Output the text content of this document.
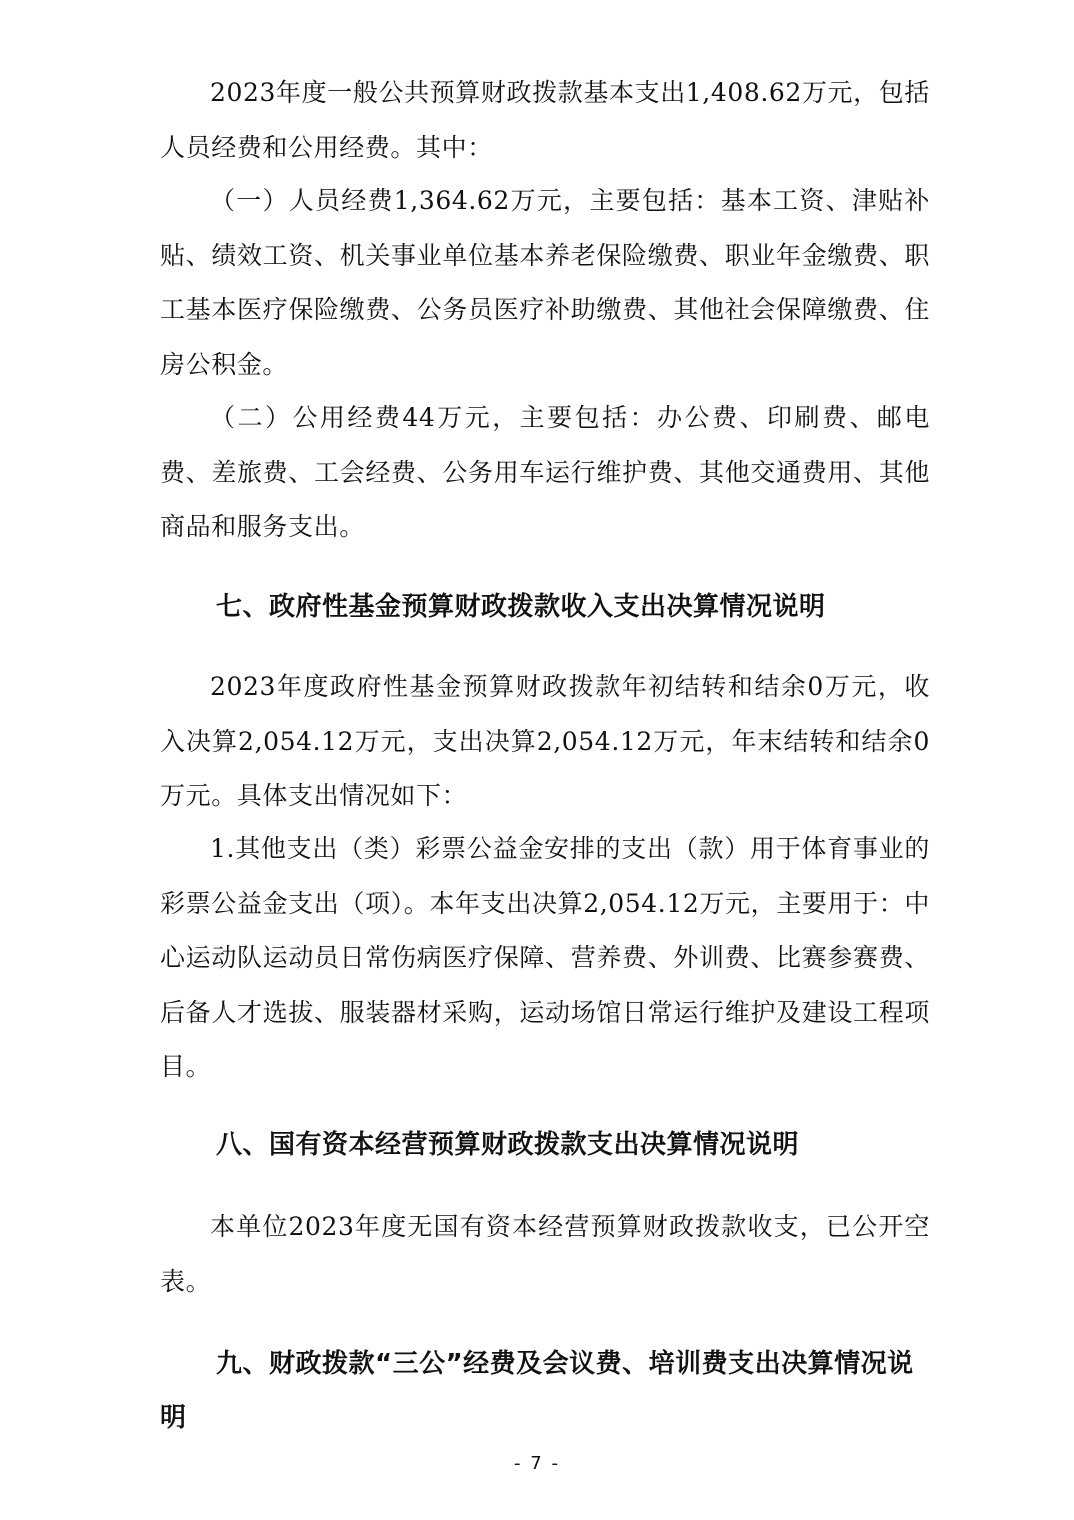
2023年度一般公共预算财政拨款基本支出1,408.62万元，包括人员经费和公用经费。其中：

（一）人员经费1,364.62万元，主要包括：基本工资、津贴补贴、绩效工资、机关事业单位基本养老保险缴费、职业年金缴费、职工基本医疗保险缴费、公务员医疗补助缴费、其他社会保障缴费、住房公积金。

（二）公用经费44万元，主要包括：办公费、印刷费、邮电费、差旅费、工会经费、公务用车运行维护费、其他交通费用、其他商品和服务支出。

七、政府性基金预算财政拨款收入支出决算情况说明

2023年度政府性基金预算财政拨款年初结转和结余0万元，收入决算2,054.12万元，支出决算2,054.12万元，年末结转和结余0万元。具体支出情况如下：

1.其他支出（类）彩票公益金安排的支出（款）用于体育事业的彩票公益金支出（项）。本年支出决算2,054.12万元，主要用于：中心运动队运动员日常伤病医疗保障、营养费、外训费、比赛参赛费、后备人才选拔、服装器材采购，运动场馆日常运行维护及建设工程项目。

八、国有资本经营预算财政拨款支出决算情况说明

本单位2023年度无国有资本经营预算财政拨款收支，已公开空表。

九、财政拨款“三公”经费及会议费、培训费支出决算情况说明
- 7 -
